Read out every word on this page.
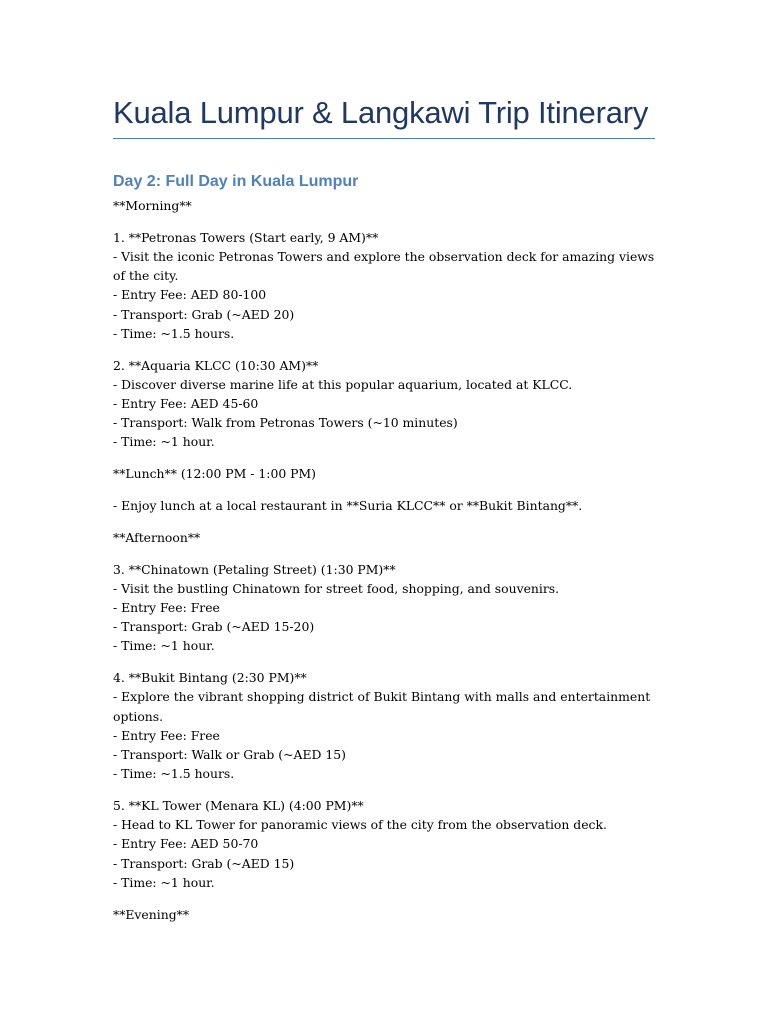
Kuala Lumpur & Langkawi Trip Itinerary
Day 2: Full Day in Kuala Lumpur

**Morning**

1. **Petronas Towers (Start early, 9 AM)**
- Visit the iconic Petronas Towers and explore the observation deck for amazing views of the city.
- Entry Fee: AED 80-100
- Transport: Grab (~AED 20)
- Time: ~1.5 hours.

2. **Aquaria KLCC (10:30 AM)**
- Discover diverse marine life at this popular aquarium, located at KLCC.
- Entry Fee: AED 45-60
- Transport: Walk from Petronas Towers (~10 minutes)
- Time: ~1 hour.

**Lunch** (12:00 PM - 1:00 PM)

- Enjoy lunch at a local restaurant in **Suria KLCC** or **Bukit Bintang**.

**Afternoon**

3. **Chinatown (Petaling Street) (1:30 PM)**
- Visit the bustling Chinatown for street food, shopping, and souvenirs.
- Entry Fee: Free
- Transport: Grab (~AED 15-20)
- Time: ~1 hour.

4. **Bukit Bintang (2:30 PM)**
- Explore the vibrant shopping district of Bukit Bintang with malls and entertainment options.
- Entry Fee: Free
- Transport: Walk or Grab (~AED 15)
- Time: ~1.5 hours.

5. **KL Tower (Menara KL) (4:00 PM)**
- Head to KL Tower for panoramic views of the city from the observation deck.
- Entry Fee: AED 50-70
- Transport: Grab (~AED 15)
- Time: ~1 hour.

**Evening**
